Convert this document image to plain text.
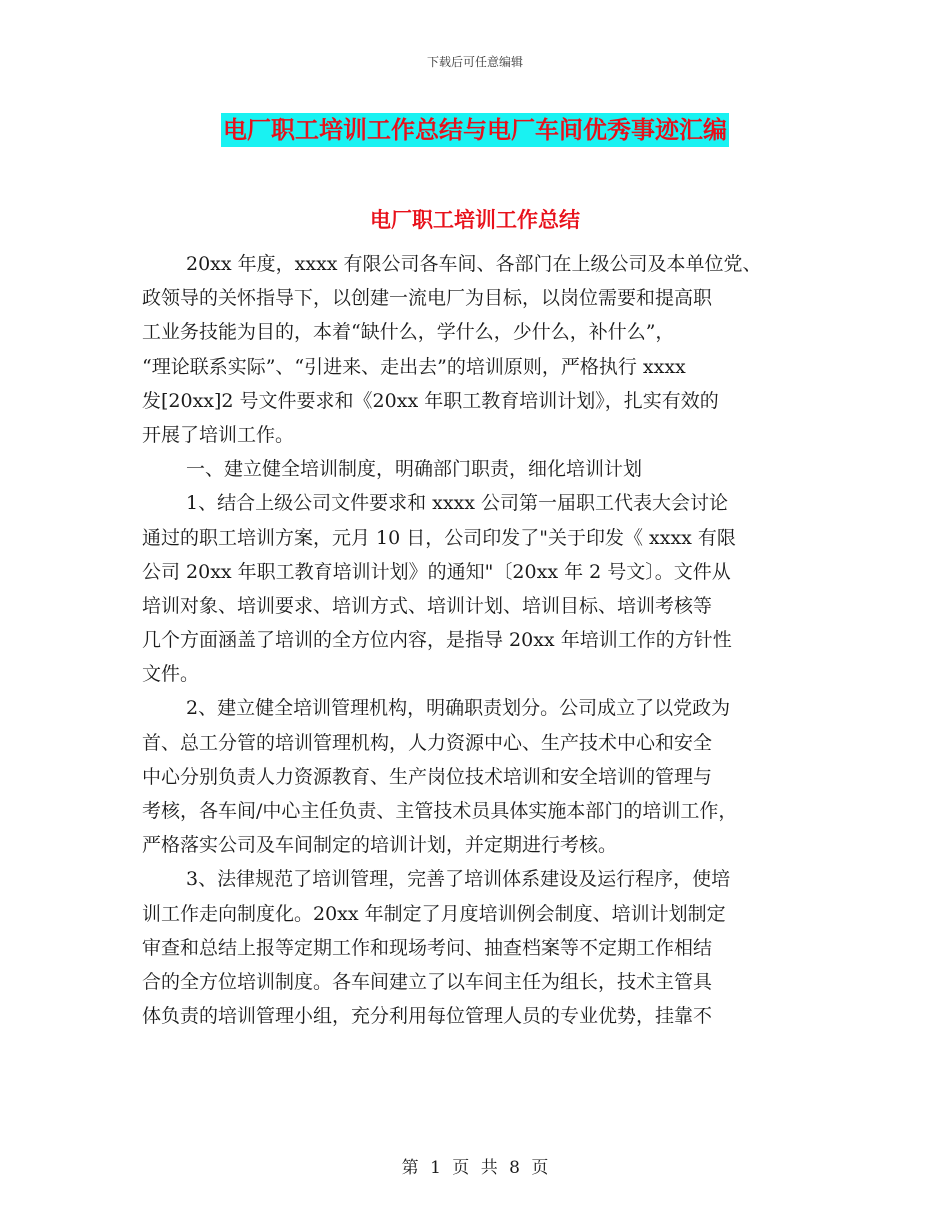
下载后可任意编辑
电厂职工培训工作总结与电厂车间优秀事迹汇编
电厂职工培训工作总结
20xx 年度，xxxx 有限公司各车间、各部门在上级公司及本单位党、
政领导的关怀指导下，以创建一流电厂为目标，以岗位需要和提高职
工业务技能为目的，本着“缺什么，学什么，少什么，补什么”，
“理论联系实际”、“引进来、走出去”的培训原则，严格执行 xxxx
发[20xx]2 号文件要求和《20xx 年职工教育培训计划》，扎实有效的
开展了培训工作。
一、建立健全培训制度，明确部门职责，细化培训计划
1、结合上级公司文件要求和 xxxx 公司第一届职工代表大会讨论
通过的职工培训方案，元月 10 日，公司印发了"关于印发《 xxxx 有限
公司 20xx 年职工教育培训计划》的通知"〔20xx 年 2 号文〕。文件从
培训对象、培训要求、培训方式、培训计划、培训目标、培训考核等
几个方面涵盖了培训的全方位内容，是指导 20xx 年培训工作的方针性
文件。
2、建立健全培训管理机构，明确职责划分。公司成立了以党政为
首、总工分管的培训管理机构，人力资源中心、生产技术中心和安全
中心分别负责人力资源教育、生产岗位技术培训和安全培训的管理与
考核，各车间/中心主任负责、主管技术员具体实施本部门的培训工作，
严格落实公司及车间制定的培训计划，并定期进行考核。
3、法律规范了培训管理，完善了培训体系建设及运行程序，使培
训工作走向制度化。20xx 年制定了月度培训例会制度、培训计划制定
审查和总结上报等定期工作和现场考问、抽查档案等不定期工作相结
合的全方位培训制度。各车间建立了以车间主任为组长，技术主管具
体负责的培训管理小组，充分利用每位管理人员的专业优势，挂靠不
第 1 页 共 8 页
